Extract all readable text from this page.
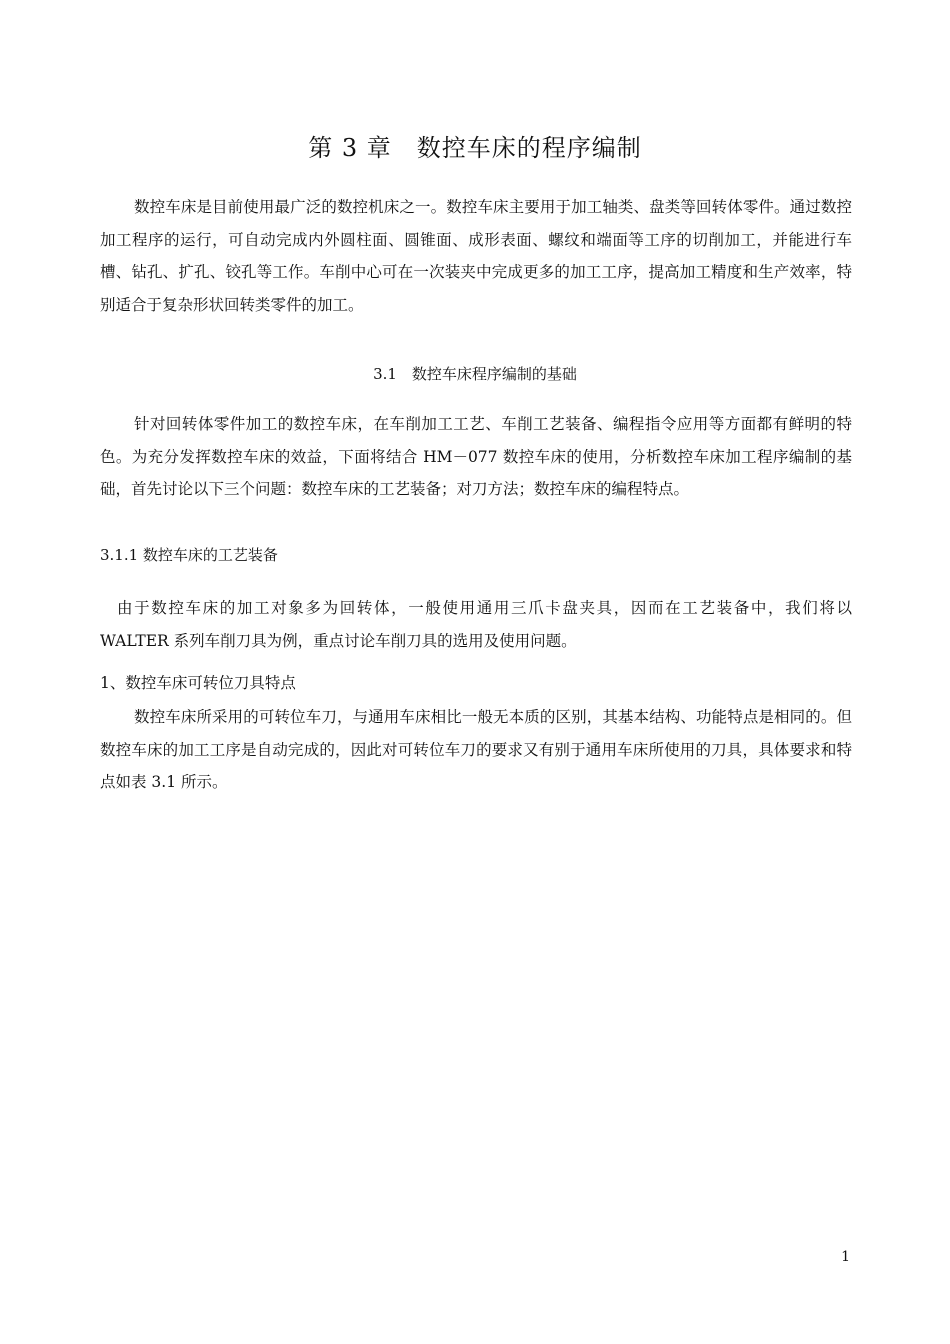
第 3 章　数控车床的程序编制

数控车床是目前使用最广泛的数控机床之一。数控车床主要用于加工轴类、盘类等回转体零件。通过数控加工程序的运行，可自动完成内外圆柱面、圆锥面、成形表面、螺纹和端面等工序的切削加工，并能进行车槽、钻孔、扩孔、铰孔等工作。车削中心可在一次装夹中完成更多的加工工序，提高加工精度和生产效率，特别适合于复杂形状回转类零件的加工。

3.1　数控车床程序编制的基础

针对回转体零件加工的数控车床，在车削加工工艺、车削工艺装备、编程指令应用等方面都有鲜明的特色。为充分发挥数控车床的效益，下面将结合 HM－077 数控车床的使用，分析数控车床加工程序编制的基础，首先讨论以下三个问题：数控车床的工艺装备；对刀方法；数控车床的编程特点。

3.1.1 数控车床的工艺装备

由于数控车床的加工对象多为回转体，一般使用通用三爪卡盘夹具，因而在工艺装备中，我们将以 WALTER 系列车削刀具为例，重点讨论车削刀具的选用及使用问题。

1、数控车床可转位刀具特点

数控车床所采用的可转位车刀，与通用车床相比一般无本质的区别，其基本结构、功能特点是相同的。但数控车床的加工工序是自动完成的，因此对可转位车刀的要求又有别于通用车床所使用的刀具，具体要求和特点如表 3.1 所示。

1
